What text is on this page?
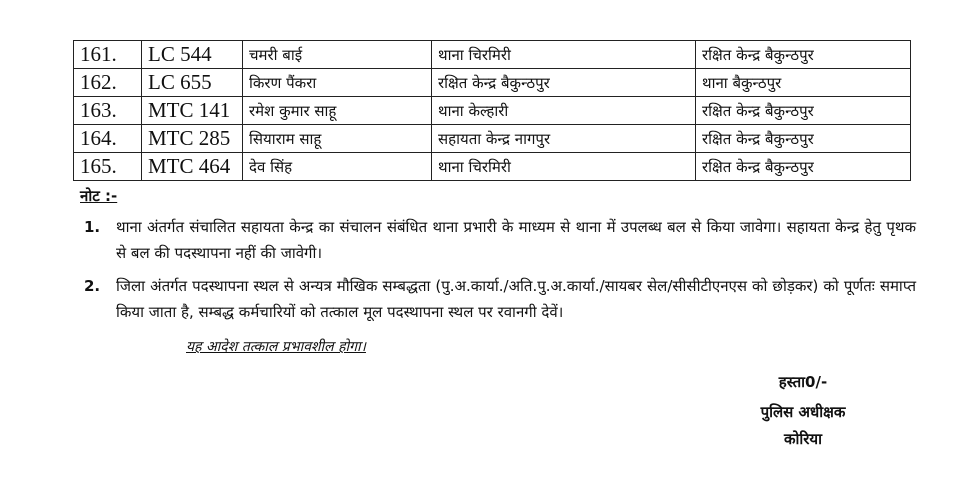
161.	LC 544	चमरी बाई	थाना चिरमिरी	रक्षित केन्द्र बैकुन्ठपुर
162.	LC 655	किरण पैंकरा	रक्षित केन्द्र बैकुन्ठपुर	थाना बैकुन्ठपुर
163.	MTC 141	रमेश कुमार साहू	थाना केल्हारी	रक्षित केन्द्र बैकुन्ठपुर
164.	MTC 285	सियाराम साहू	सहायता केन्द्र नागपुर	रक्षित केन्द्र बैकुन्ठपुर
165.	MTC 464	देव सिंह	थाना चिरमिरी	रक्षित केन्द्र बैकुन्ठपुर
नोट :-
1. थाना अंतर्गत संचालित सहायता केन्द्र का संचालन संबंधित थाना प्रभारी के माध्यम से थाना में उपलब्ध बल से किया जावेगा। सहायता केन्द्र हेतु पृथक से बल की पदस्थापना नहीं की जावेगी।
2. जिला अंतर्गत पदस्थापना स्थल से अन्यत्र मौखिक सम्बद्धता (पु.अ.कार्या./अति.पु.अ.कार्या./सायबर सेल/सीसीटीएनएस को छोड़कर) को पूर्णतः समाप्त किया जाता है, सम्बद्ध कर्मचारियों को तत्काल मूल पदस्थापना स्थल पर रवानगी देवें।
यह आदेश तत्काल प्रभावशील होगा।
हस्ता0/-
पुलिस अधीक्षक
कोरिया
